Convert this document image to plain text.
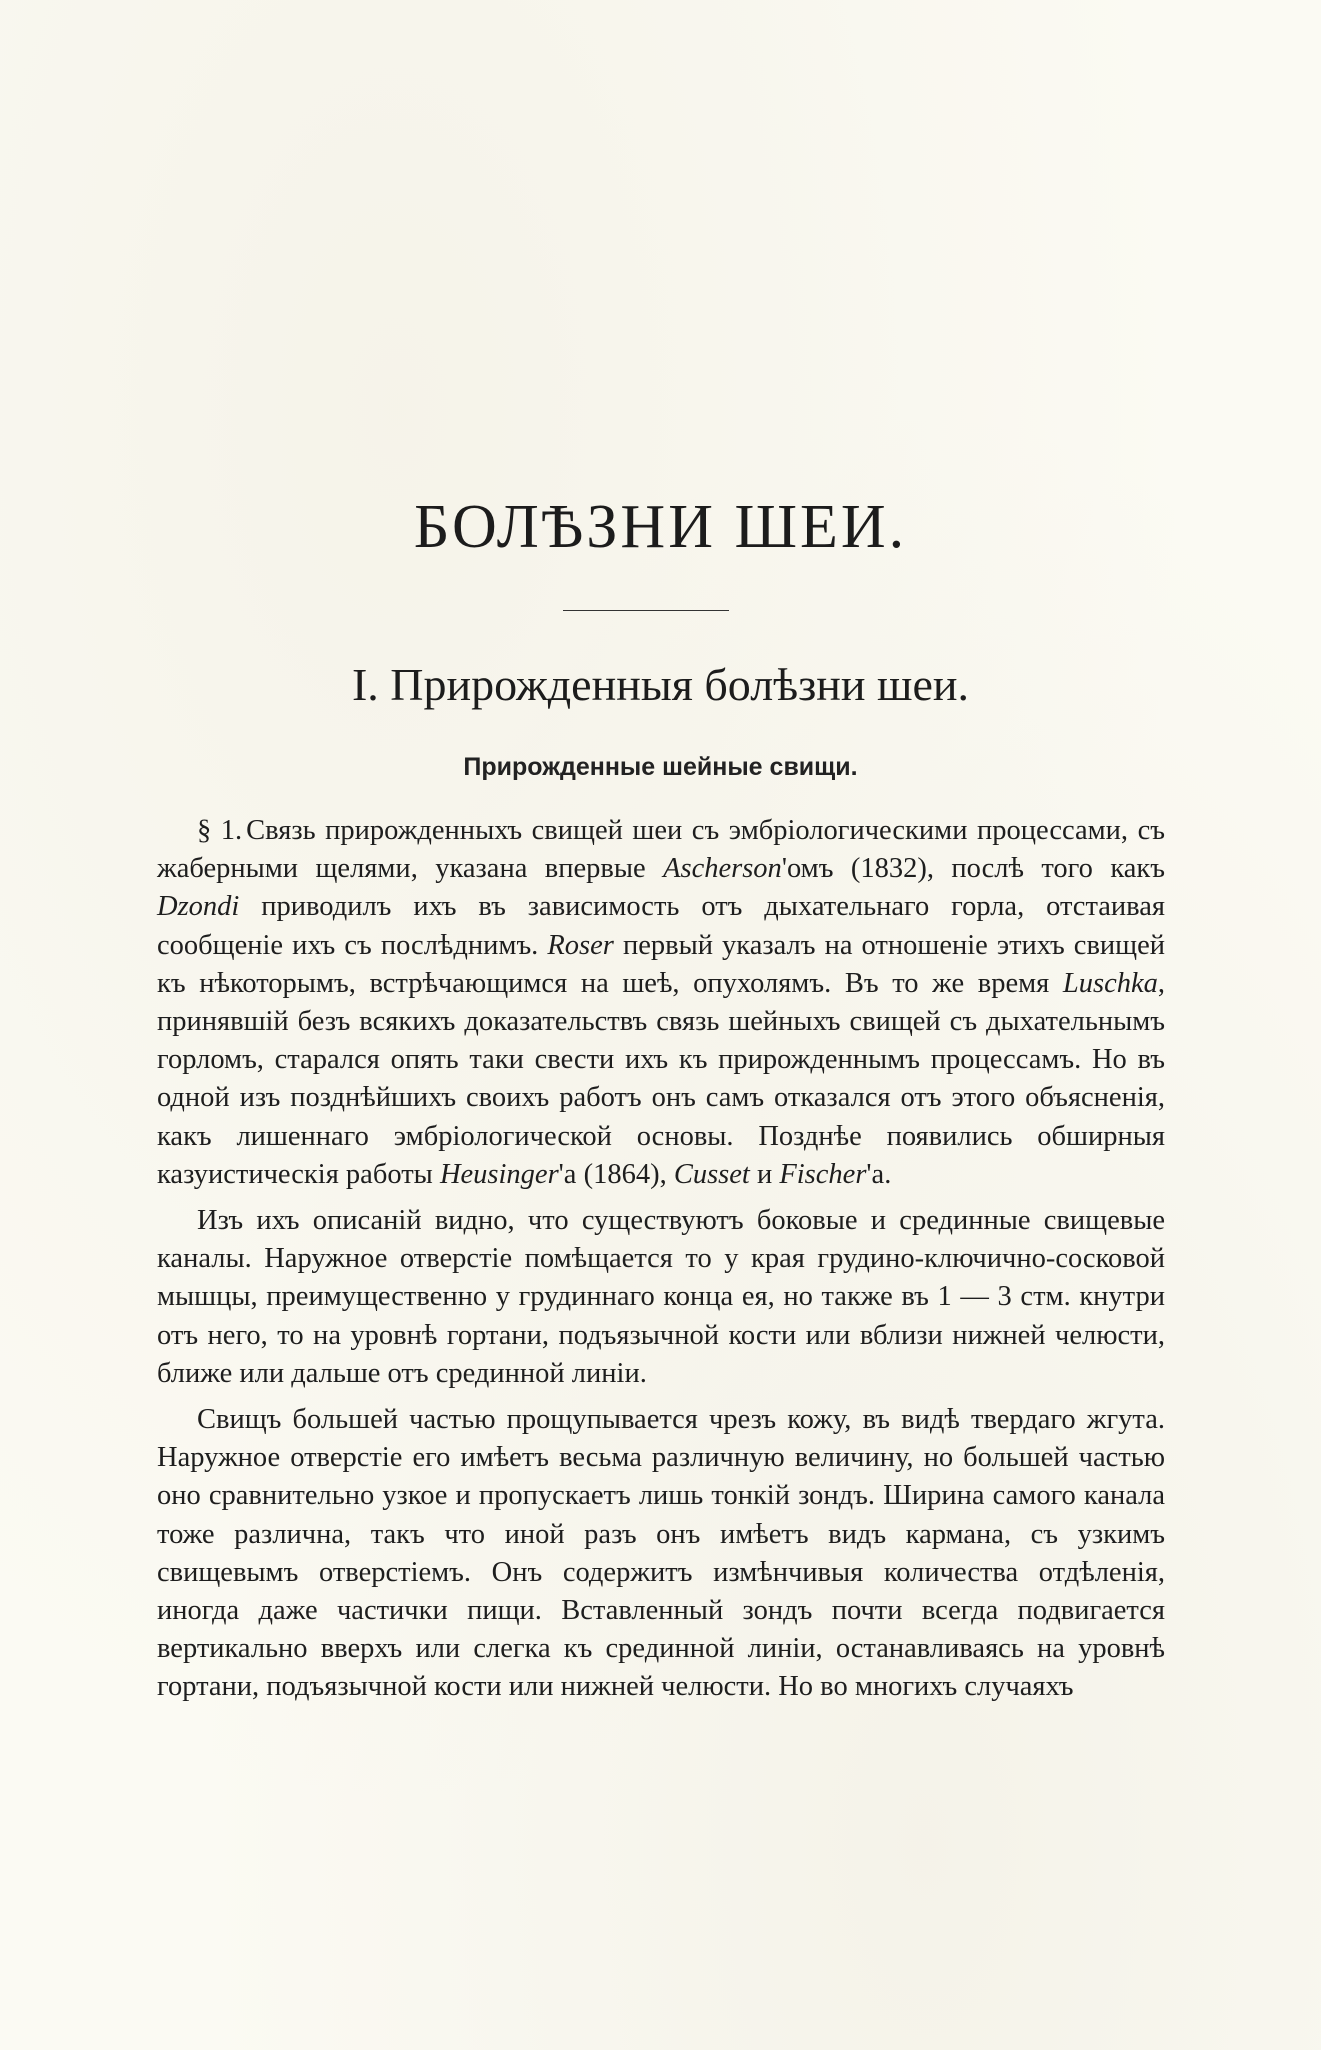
БОЛѢЗНИ ШЕИ.
I. Прирожденныя болѣзни шеи.
Прирожденные шейные свищи.

§ 1. Связь прирожденныхъ свищей шеи съ эмбріологическими процессами, съ жаберными щелями, указана впервые Ascherson'омъ (1832), послѣ того какъ Dzondi приводилъ ихъ въ зависимость отъ дыхательнаго горла, отстаивая сообщеніе ихъ съ послѣднимъ. Roser первый указалъ на отношеніе этихъ свищей къ нѣкоторымъ, встрѣчающимся на шеѣ, опухолямъ. Въ то же время Luschka, принявшій безъ всякихъ доказательствъ связь шейныхъ свищей съ дыхательнымъ горломъ, старался опять таки свести ихъ къ прирожденнымъ процессамъ. Но въ одной изъ позднѣйшихъ своихъ работъ онъ самъ отказался отъ этого объясненія, какъ лишеннаго эмбріологической основы. Позднѣе появились обширныя казуистическія работы Heusinger'а (1864), Cusset и Fischer'а.

Изъ ихъ описаній видно, что существуютъ боковые и срединные свищевые каналы. Наружное отверстіе помѣщается то у края грудино-ключично-сосковой мышцы, преимущественно у грудиннаго конца ея, но также въ 1 — 3 стм. кнутри отъ него, то на уровнѣ гортани, подъязычной кости или вблизи нижней челюсти, ближе или дальше отъ срединной линіи.

Свищъ большей частью прощупывается чрезъ кожу, въ видѣ твердаго жгута. Наружное отверстіе его имѣетъ весьма различную величину, но большей частью оно сравнительно узкое и пропускаетъ лишь тонкій зондъ. Ширина самого канала тоже различна, такъ что иной разъ онъ имѣетъ видъ кармана, съ узкимъ свищевымъ отверстіемъ. Онъ содержитъ измѣнчивыя количества отдѣленія, иногда даже частички пищи. Вставленный зондъ почти всегда подвигается вертикально вверхъ или слегка къ срединной линіи, останавливаясь на уровнѣ гортани, подъязычной кости или нижней челюсти. Но во многихъ случаяхъ
